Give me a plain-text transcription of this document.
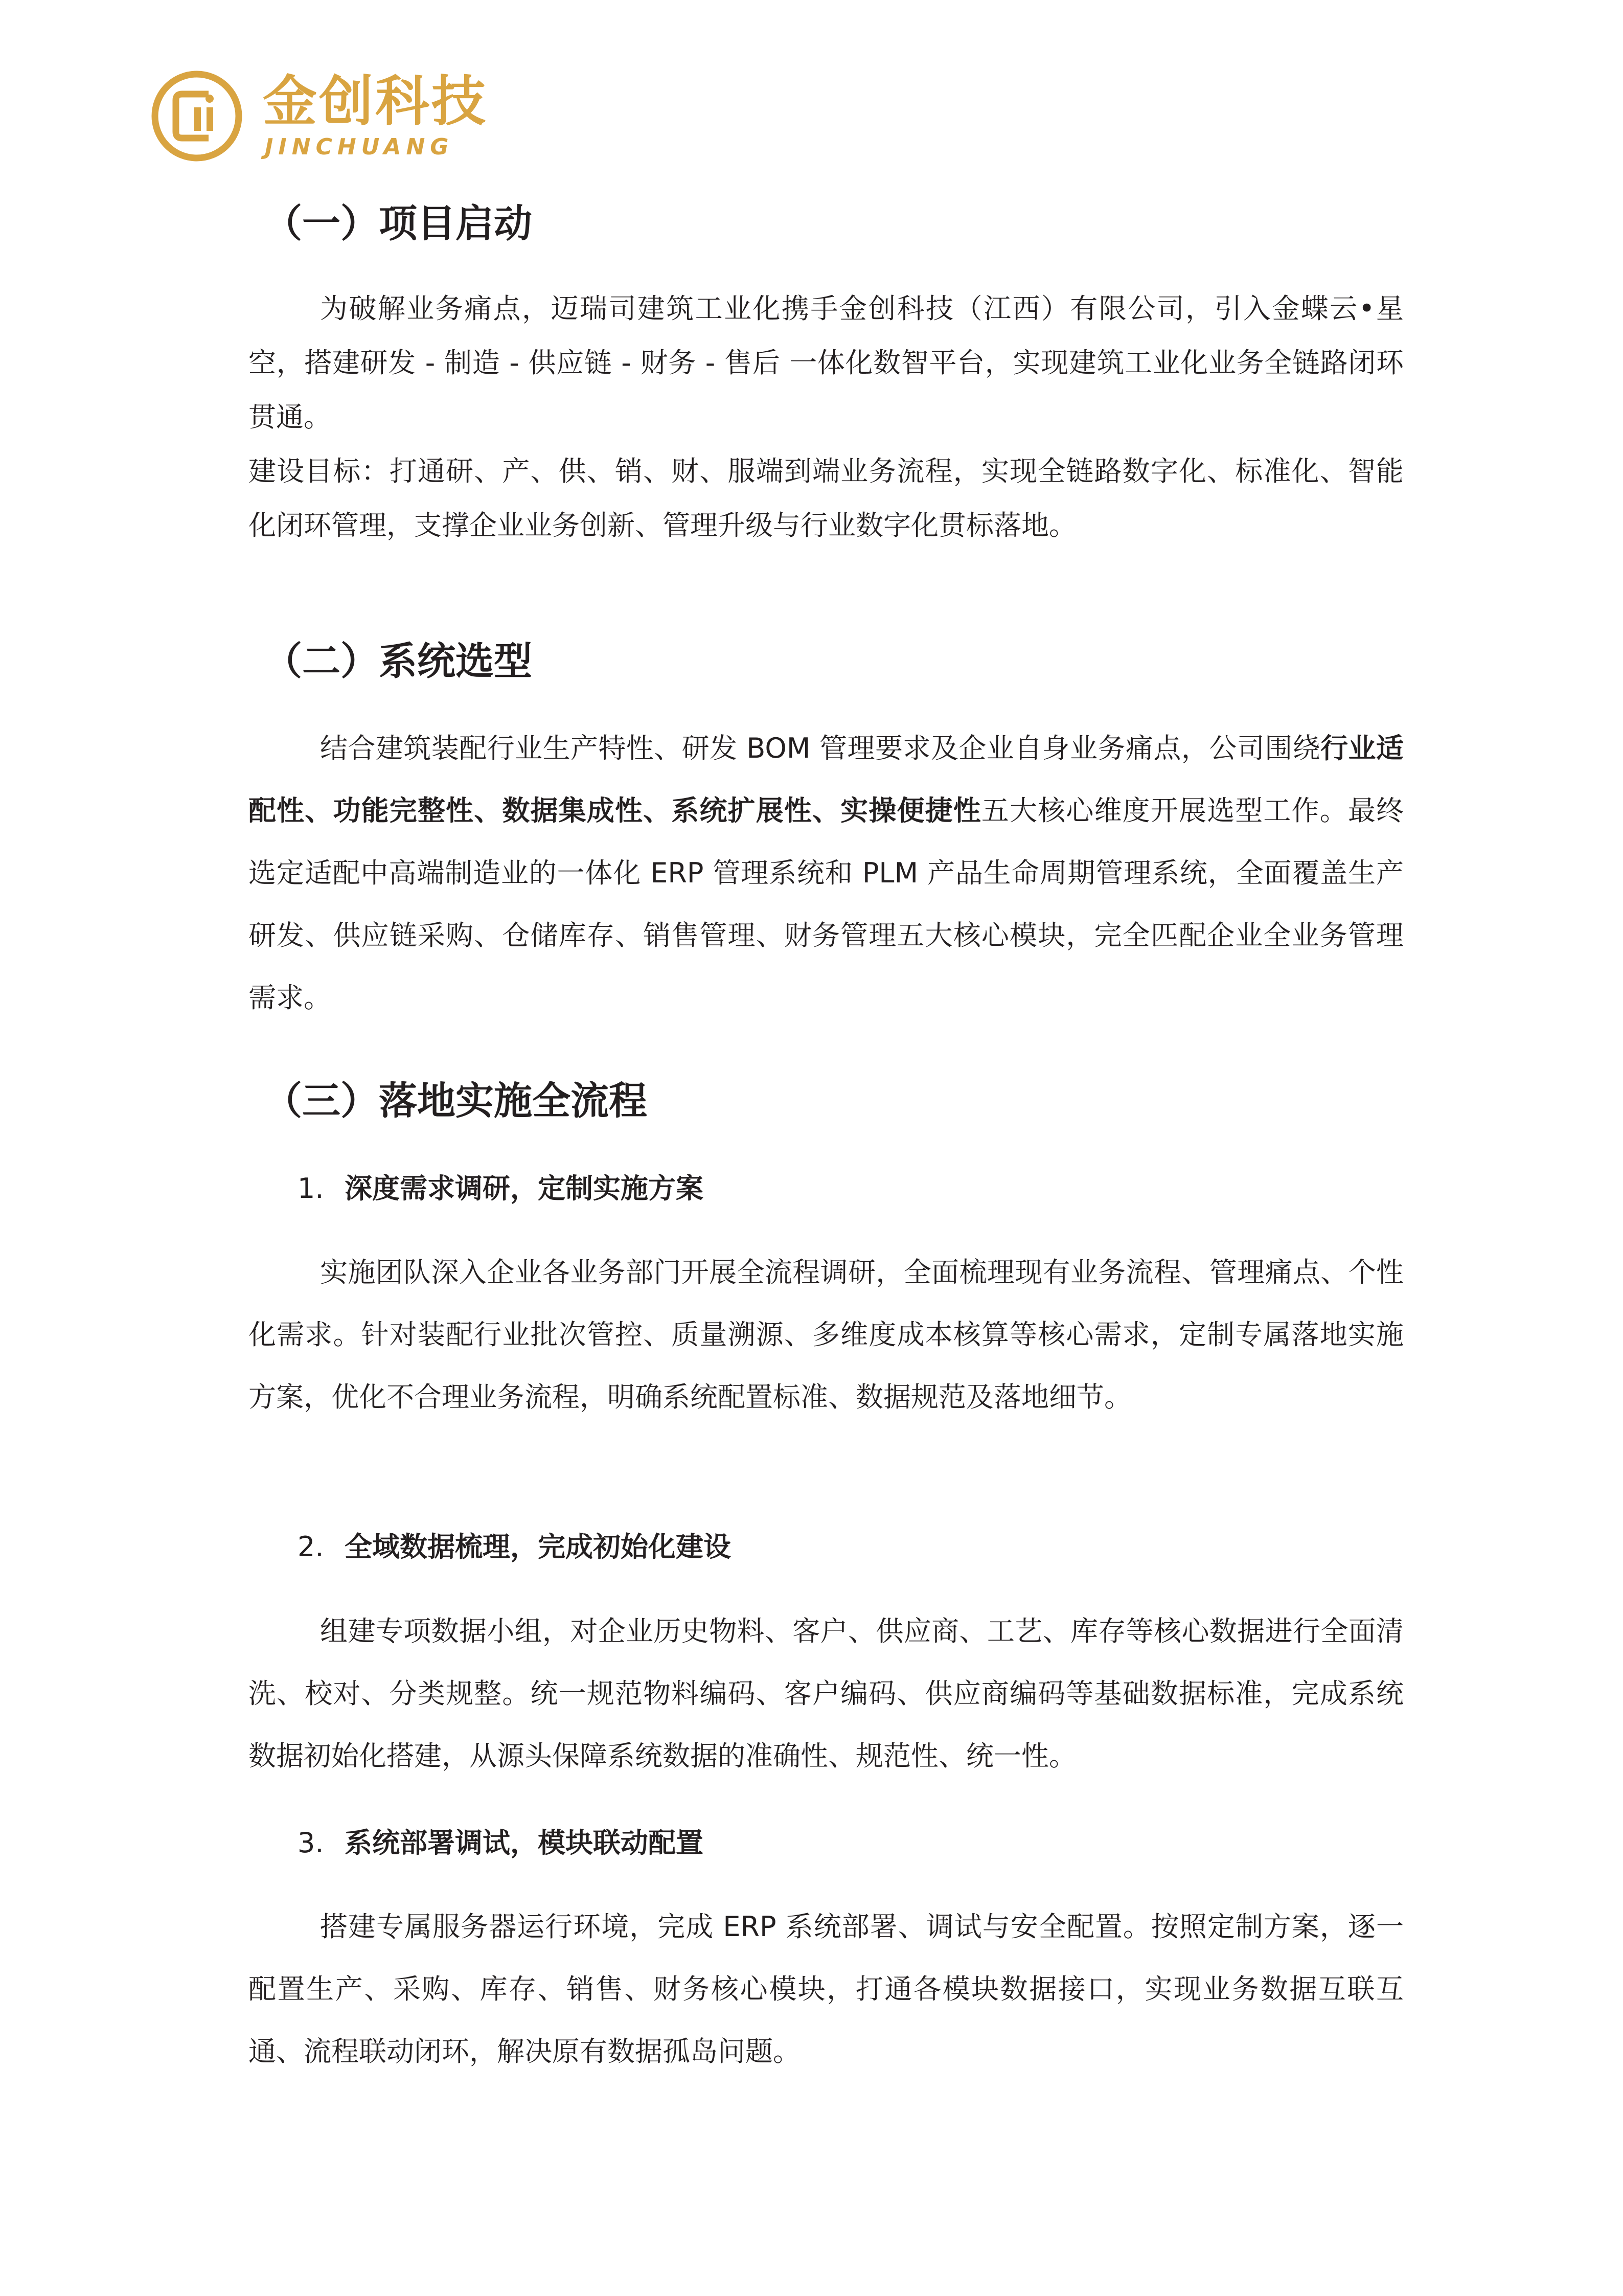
金创科技
JINCHUANG
（一）项目启动

为破解业务痛点，迈瑞司建筑工业化携手金创科技（江西）有限公司，引入金蝶云•星空，搭建研发 - 制造 - 供应链 - 财务 - 售后 一体化数智平台，实现建筑工业化业务全链路闭环贯通。

建设目标：打通研、产、供、销、财、服端到端业务流程，实现全链路数字化、标准化、智能化闭环管理，支撑企业业务创新、管理升级与行业数字化贯标落地。

（二）系统选型

结合建筑装配行业生产特性、研发 BOM 管理要求及企业自身业务痛点，公司围绕行业适配性、功能完整性、数据集成性、系统扩展性、实操便捷性五大核心维度开展选型工作。最终选定适配中高端制造业的一体化 ERP 管理系统和 PLM 产品生命周期管理系统，全面覆盖生产研发、供应链采购、仓储库存、销售管理、财务管理五大核心模块，完全匹配企业全业务管理需求。

（三）落地实施全流程
1. 深度需求调研，定制实施方案

实施团队深入企业各业务部门开展全流程调研，全面梳理现有业务流程、管理痛点、个性化需求。针对装配行业批次管控、质量溯源、多维度成本核算等核心需求，定制专属落地实施方案，优化不合理业务流程，明确系统配置标准、数据规范及落地细节。

2. 全域数据梳理，完成初始化建设

组建专项数据小组，对企业历史物料、客户、供应商、工艺、库存等核心数据进行全面清洗、校对、分类规整。统一规范物料编码、客户编码、供应商编码等基础数据标准，完成系统数据初始化搭建，从源头保障系统数据的准确性、规范性、统一性。

3. 系统部署调试，模块联动配置

搭建专属服务器运行环境，完成 ERP 系统部署、调试与安全配置。按照定制方案，逐一配置生产、采购、库存、销售、财务核心模块，打通各模块数据接口，实现业务数据互联互通、流程联动闭环，解决原有数据孤岛问题。
